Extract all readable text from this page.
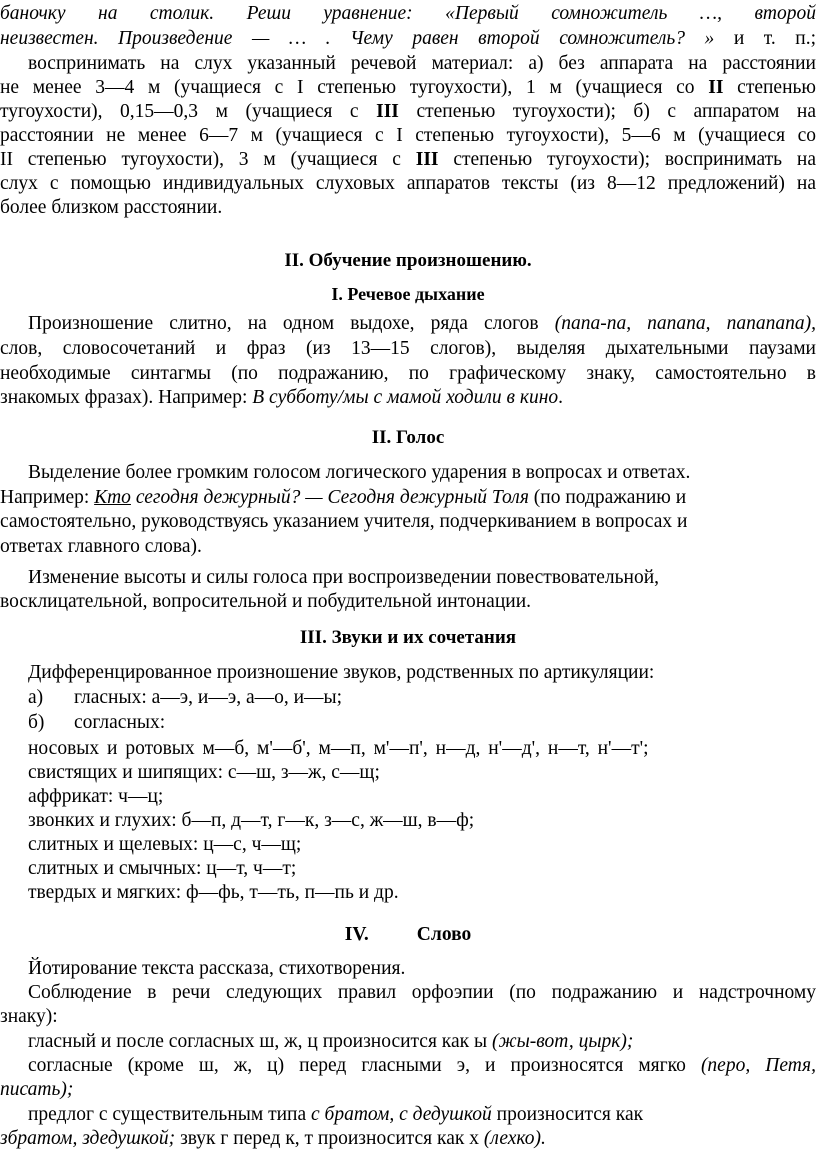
баночку на столик. Реши уравнение: «Первый сомножитель …, второй
неизвестен. Произведение — … . Чему равен второй сомножитель? » и т. п.;
воспринимать на слух указанный речевой материал: а) без аппарата на расстоянии
не менее 3—4 м (учащиеся с I степенью тугоухости), 1 м (учащиеся со II степенью
тугоухости), 0,15—0,3 м (учащиеся с III степенью тугоухости); б) с аппаратом на
расстоянии не менее 6—7 м (учащиеся с I степенью тугоухости), 5—6 м (учащиеся со
II степенью тугоухости), 3 м (учащиеся с III степенью тугоухости); воспринимать на
слух с помощью индивидуальных слуховых аппаратов тексты (из 8—12 предложений) на
более близком расстоянии.
II. Обучение произношению.
I. Речевое дыхание
Произношение слитно, на одном выдохе, ряда слогов (папа-па, папапа, папапапа),
слов, словосочетаний и фраз (из 13—15 слогов), выделяя дыхательными паузами
необходимые синтагмы (по подражанию, по графическому знаку, самостоятельно в
знакомых фразах). Например: В субботу/мы с мамой ходили в кино.
II. Голос
Выделение более громким голосом логического ударения в вопросах и ответах.
Например: Кто сегодня дежурный? — Сегодня дежурный Толя (по подражанию и
самостоятельно, руководствуясь указанием учителя, подчеркиванием в вопросах и
ответах главного слова).
Изменение высоты и силы голоса при воспроизведении повествовательной,
восклицательной, вопросительной и побудительной интонации.
III. Звуки и их сочетания
Дифференцированное произношение звуков, родственных по артикуляции:
а) гласных: а—э, и—э, а—о, и—ы;
б) согласных:
носовых и ротовых м—б, м'—б', м—п, м'—п', н—д, н'—д', н—т, н'—т';
свистящих и шипящих: с—ш, з—ж, с—щ;
аффрикат: ч—ц;
звонких и глухих: б—п, д—т, г—к, з—с, ж—ш, в—ф;
слитных и щелевых: ц—с, ч—щ;
слитных и смычных: ц—т, ч—т;
твердых и мягких: ф—фь, т—ть, п—пь и др.
IV. Слово
Йотирование текста рассказа, стихотворения.
Соблюдение в речи следующих правил орфоэпии (по подражанию и надстрочному
знаку):
гласный и после согласных ш, ж, ц произносится как ы (жы-вот, цырк);
согласные (кроме ш, ж, ц) перед гласными э, и произносятся мягко (перо, Петя,
писать);
предлог с существительным типа с братом, с дедушкой произносится как
збратом, здедушкой; звук г перед к, т произносится как х (лехко).
